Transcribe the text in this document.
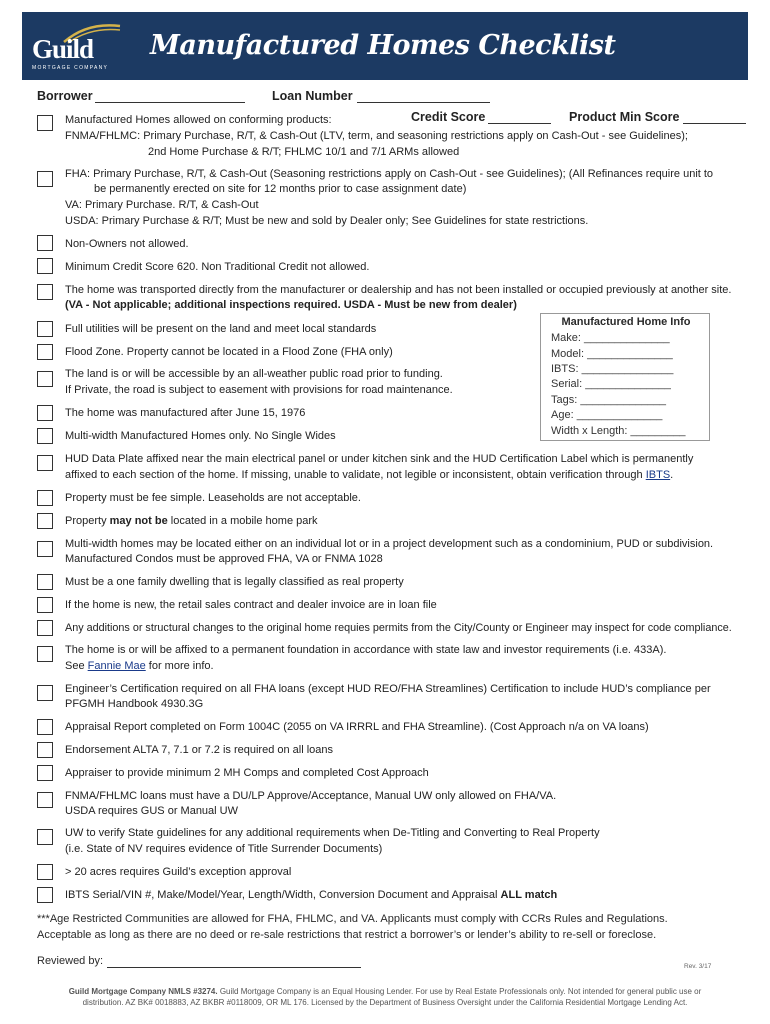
Guild
MORTGAGE COMPANY
Manufactured Homes Checklist
Borrower	Loan Number
Credit Score	Product Min Score
Manufactured Homes allowed on conforming products:
FNMA/FHLMC: Primary Purchase, R/T, & Cash-Out (LTV, term, and seasoning restrictions apply on Cash-Out - see Guidelines);
2nd Home Purchase & R/T; FHLMC 10/1 and 7/1 ARMs allowed
FHA: Primary Purchase, R/T, & Cash-Out (Seasoning restrictions apply on Cash-Out - see Guidelines); (All Refinances require unit to
be permanently erected on site for 12 months prior to case assignment date)
VA: Primary Purchase. R/T, & Cash-Out
USDA: Primary Purchase & R/T; Must be new and sold by Dealer only; See Guidelines for state restrictions.
Non-Owners not allowed.
Minimum Credit Score 620. Non Traditional Credit not allowed.
The home was transported directly from the manufacturer or dealership and has not been installed or occupied previously at another site.
(VA - Not applicable; additional inspections required. USDA - Must be new from dealer)
Full utilities will be present on the land and meet local standards
Flood Zone. Property cannot be located in a Flood Zone (FHA only)
The land is or will be accessible by an all-weather public road prior to funding.
If Private, the road is subject to easement with provisions for road maintenance.
The home was manufactured after June 15, 1976
Multi-width Manufactured Homes only. No Single Wides
HUD Data Plate affixed near the main electrical panel or under kitchen sink and the HUD Certification Label which is permanently
affixed to each section of the home. If missing, unable to validate, not legible or inconsistent, obtain verification through IBTS.
Property must be fee simple. Leaseholds are not acceptable.
Property may not be located in a mobile home park
Multi-width homes may be located either on an individual lot or in a project development such as a condominium, PUD or subdivision.
Manufactured Condos must be approved FHA, VA or FNMA 1028
Must be a one family dwelling that is legally classified as real property
If the home is new, the retail sales contract and dealer invoice are in loan file
Any additions or structural changes to the original home requies permits from the City/County or Engineer may inspect for code compliance.
The home is or will be affixed to a permanent foundation in accordance with state law and investor requirements (i.e. 433A).
See Fannie Mae for more info.
Engineer’s Certification required on all FHA loans (except HUD REO/FHA Streamlines) Certification to include HUD’s compliance per
PFGMH Handbook 4930.3G
Appraisal Report completed on Form 1004C (2055 on VA IRRRL and FHA Streamline). (Cost Approach n/a on VA loans)
Endorsement ALTA 7, 7.1 or 7.2 is required on all loans
Appraiser to provide minimum 2 MH Comps and completed Cost Approach
FNMA/FHLMC loans must have a DU/LP Approve/Acceptance, Manual UW only allowed on FHA/VA.
USDA requires GUS or Manual UW
UW to verify State guidelines for any additional requirements when De-Titling and Converting to Real Property
(i.e. State of NV requires evidence of Title Surrender Documents)
> 20 acres requires Guild’s exception approval
IBTS Serial/VIN #, Make/Model/Year, Length/Width, Conversion Document and Appraisal ALL match
Manufactured Home Info
Make: ______________
Model: ______________
IBTS: _______________
Serial: ______________
Tags: ______________
Age: ______________
Width x Length: _________
***Age Restricted Communities are allowed for FHA, FHLMC, and VA. Applicants must comply with CCRs Rules and Regulations.
Acceptable as long as there are no deed or re-sale restrictions that restrict a borrower’s or lender’s ability to re-sell or foreclose.
Reviewed by:	Rev. 3/17
Guild Mortgage Company NMLS #3274. Guild Mortgage Company is an Equal Housing Lender. For use by Real Estate Professionals only. Not intended for general public use or
distribution. AZ BK# 0018883, AZ BKBR #0118009, OR ML 176. Licensed by the Department of Business Oversight under the California Residential Mortgage Lending Act.
